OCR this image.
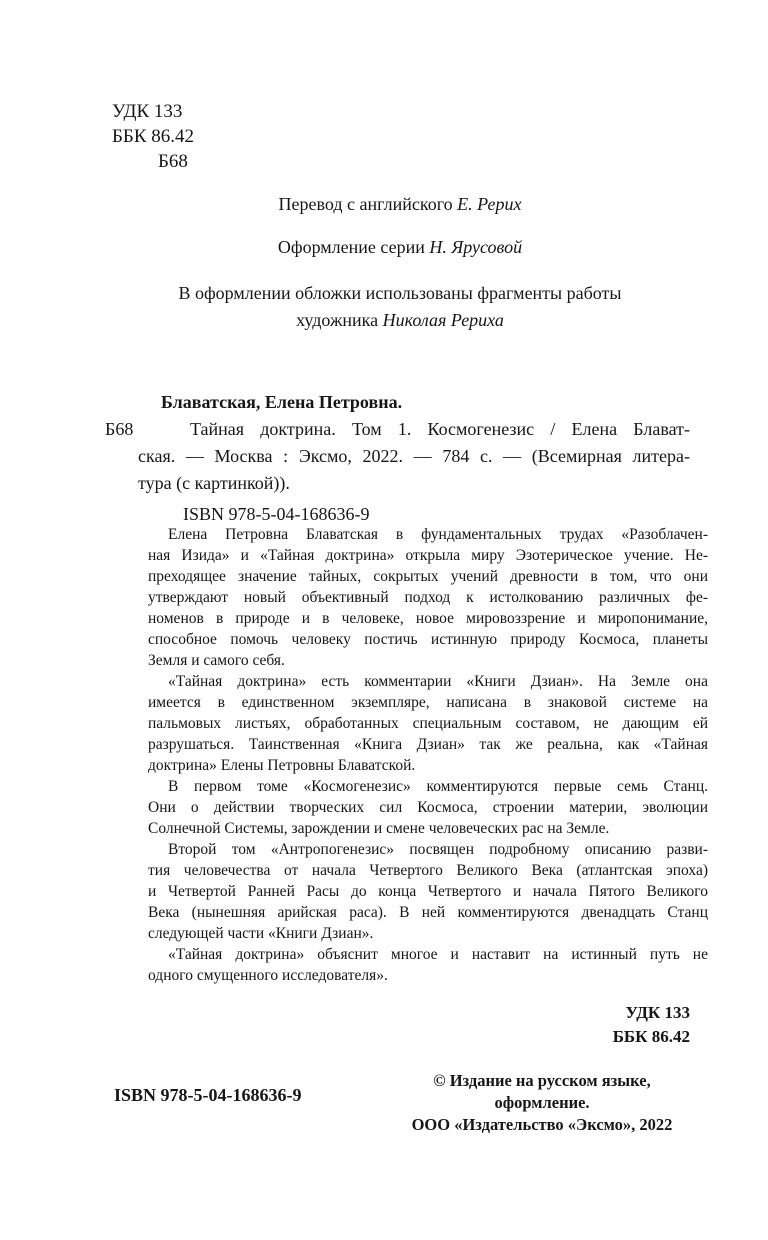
УДК 133
ББК 86.42
Б68
Перевод с английского Е. Рерих
Оформление серии Н. Ярусовой
В оформлении обложки использованы фрагменты работы
художника Николая Рериха
Блаватская, Елена Петровна.
Б68	Тайная доктрина. Том 1. Космогенезис / Елена Блават-
ская. — Москва : Эксмо, 2022. — 784 с. — (Всемирная литера-
тура (с картинкой)).
ISBN 978-5-04-168636-9
Елена Петровна Блаватская в фундаментальных трудах «Разоблачен-
ная Изида» и «Тайная доктрина» открыла миру Эзотерическое учение. Не-
преходящее значение тайных, сокрытых учений древности в том, что они
утверждают новый объективный подход к истолкованию различных фе-
номенов в природе и в человеке, новое мировоззрение и миропонимание,
способное помочь человеку постичь истинную природу Космоса, планеты
Земля и самого себя.
«Тайная доктрина» есть комментарии «Книги Дзиан». На Земле она
имеется в единственном экземпляре, написана в знаковой системе на
пальмовых листьях, обработанных специальным составом, не дающим ей
разрушаться. Таинственная «Книга Дзиан» так же реальна, как «Тайная
доктрина» Елены Петровны Блаватской.
В первом томе «Космогенезис» комментируются первые семь Станц.
Они о действии творческих сил Космоса, строении материи, эволюции
Солнечной Системы, зарождении и смене человеческих рас на Земле.
Второй том «Антропогенезис» посвящен подробному описанию разви-
тия человечества от начала Четвертого Великого Века (атлантская эпоха)
и Четвертой Ранней Расы до конца Четвертого и начала Пятого Великого
Века (нынешняя арийская раса). В ней комментируются двенадцать Станц
следующей части «Книги Дзиан».
«Тайная доктрина» объяснит многое и наставит на истинный путь не
одного смущенного исследователя».
УДК 133
ББК 86.42
ISBN 978-5-04-168636-9
© Издание на русском языке, оформление.
ООО «Издательство «Эксмо», 2022
